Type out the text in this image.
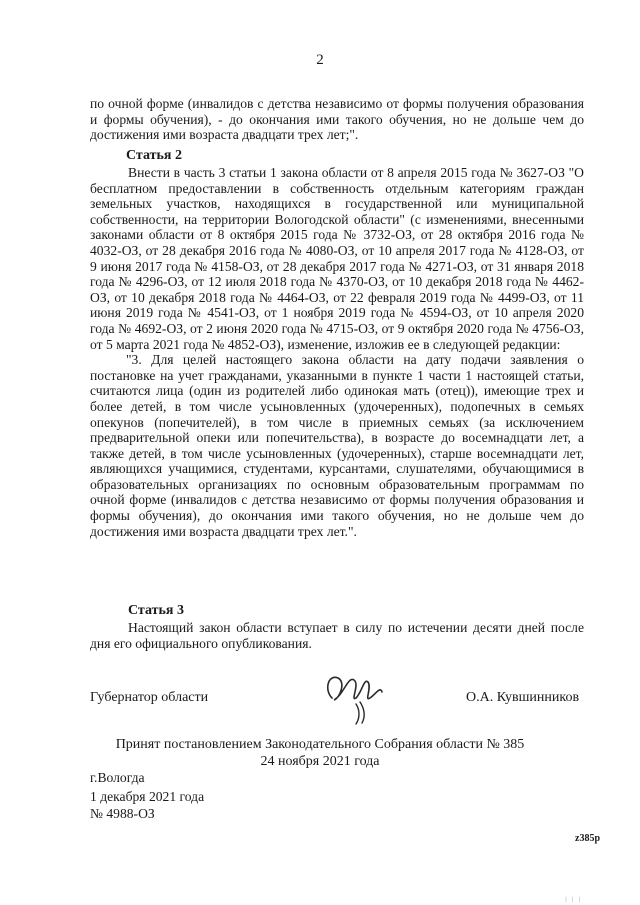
2

по очной форме (инвалидов с детства независимо от формы получения образования и формы обучения), - до окончания ими такого обучения, но не дольше чем до достижения ими возраста двадцати трех лет;".

Статья 2

Внести в часть 3 статьи 1 закона области от 8 апреля 2015 года № 3627-ОЗ "О бесплатном предоставлении в собственность отдельным категориям граждан земельных участков, находящихся в государственной или муниципальной собственности, на территории Вологодской области" (с изменениями, внесенными законами области от 8 октября 2015 года № 3732-ОЗ, от 28 октября 2016 года № 4032-ОЗ, от 28 декабря 2016 года № 4080-ОЗ, от 10 апреля 2017 года № 4128-ОЗ, от 9 июня 2017 года № 4158-ОЗ, от 28 декабря 2017 года № 4271-ОЗ, от 31 января 2018 года № 4296-ОЗ, от 12 июля 2018 года № 4370-ОЗ, от 10 декабря 2018 года № 4462-ОЗ, от 10 декабря 2018 года № 4464-ОЗ, от 22 февраля 2019 года № 4499-ОЗ, от 11 июня 2019 года № 4541-ОЗ, от 1 ноября 2019 года № 4594-ОЗ, от 10 апреля 2020 года № 4692-ОЗ, от 2 июня 2020 года № 4715-ОЗ, от 9 октября 2020 года № 4756-ОЗ, от 5 марта 2021 года № 4852-ОЗ), изменение, изложив ее в следующей редакции:

"3. Для целей настоящего закона области на дату подачи заявления о постановке на учет гражданами, указанными в пункте 1 части 1 настоящей статьи, считаются лица (один из родителей либо одинокая мать (отец)), имеющие трех и более детей, в том числе усыновленных (удочеренных), подопечных в семьях опекунов (попечителей), в том числе в приемных семьях (за исключением предварительной опеки или попечительства), в возрасте до восемнадцати лет, а также детей, в том числе усыновленных (удочеренных), старше восемнадцати лет, являющихся учащимися, студентами, курсантами, слушателями, обучающимися в образовательных организациях по основным образовательным программам по очной форме (инвалидов с детства независимо от формы получения образования и формы обучения), до окончания ими такого обучения, но не дольше чем до достижения ими возраста двадцати трех лет.".

Статья 3

Настоящий закон области вступает в силу по истечении десяти дней после дня его официального опубликования.

Губернатор области	О.А. Кувшинников
Принят постановлением Законодательного Собрания области № 385
24 ноября 2021 года
г.Вологда
1 декабря 2021 года
№ 4988-ОЗ
z385p
| | |
